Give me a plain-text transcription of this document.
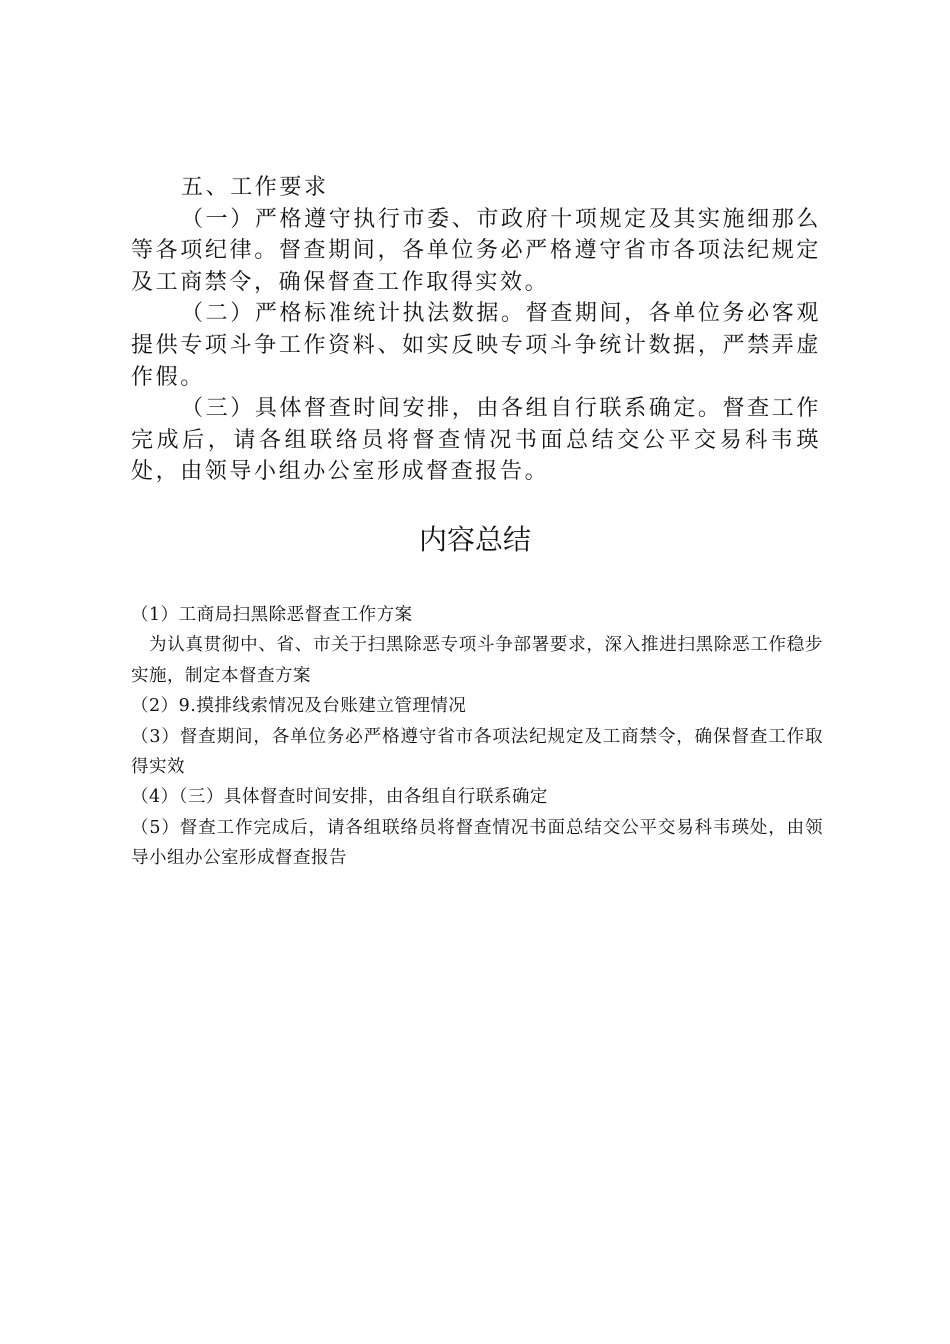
五、工作要求

（一）严格遵守执行市委、市政府十项规定及其实施细那么等各项纪律。督查期间，各单位务必严格遵守省市各项法纪规定及工商禁令，确保督查工作取得实效。

（二）严格标准统计执法数据。督查期间，各单位务必客观提供专项斗争工作资料、如实反映专项斗争统计数据，严禁弄虚作假。

（三）具体督查时间安排，由各组自行联系确定。督查工作完成后，请各组联络员将督查情况书面总结交公平交易科韦瑛处，由领导小组办公室形成督查报告。

内容总结

（1）工商局扫黑除恶督查工作方案

为认真贯彻中、省、市关于扫黑除恶专项斗争部署要求，深入推进扫黑除恶工作稳步实施，制定本督查方案

（2）9.摸排线索情况及台账建立管理情况

（3）督查期间，各单位务必严格遵守省市各项法纪规定及工商禁令，确保督查工作取得实效

（4）（三）具体督查时间安排，由各组自行联系确定

（5）督查工作完成后，请各组联络员将督查情况书面总结交公平交易科韦瑛处，由领导小组办公室形成督查报告
